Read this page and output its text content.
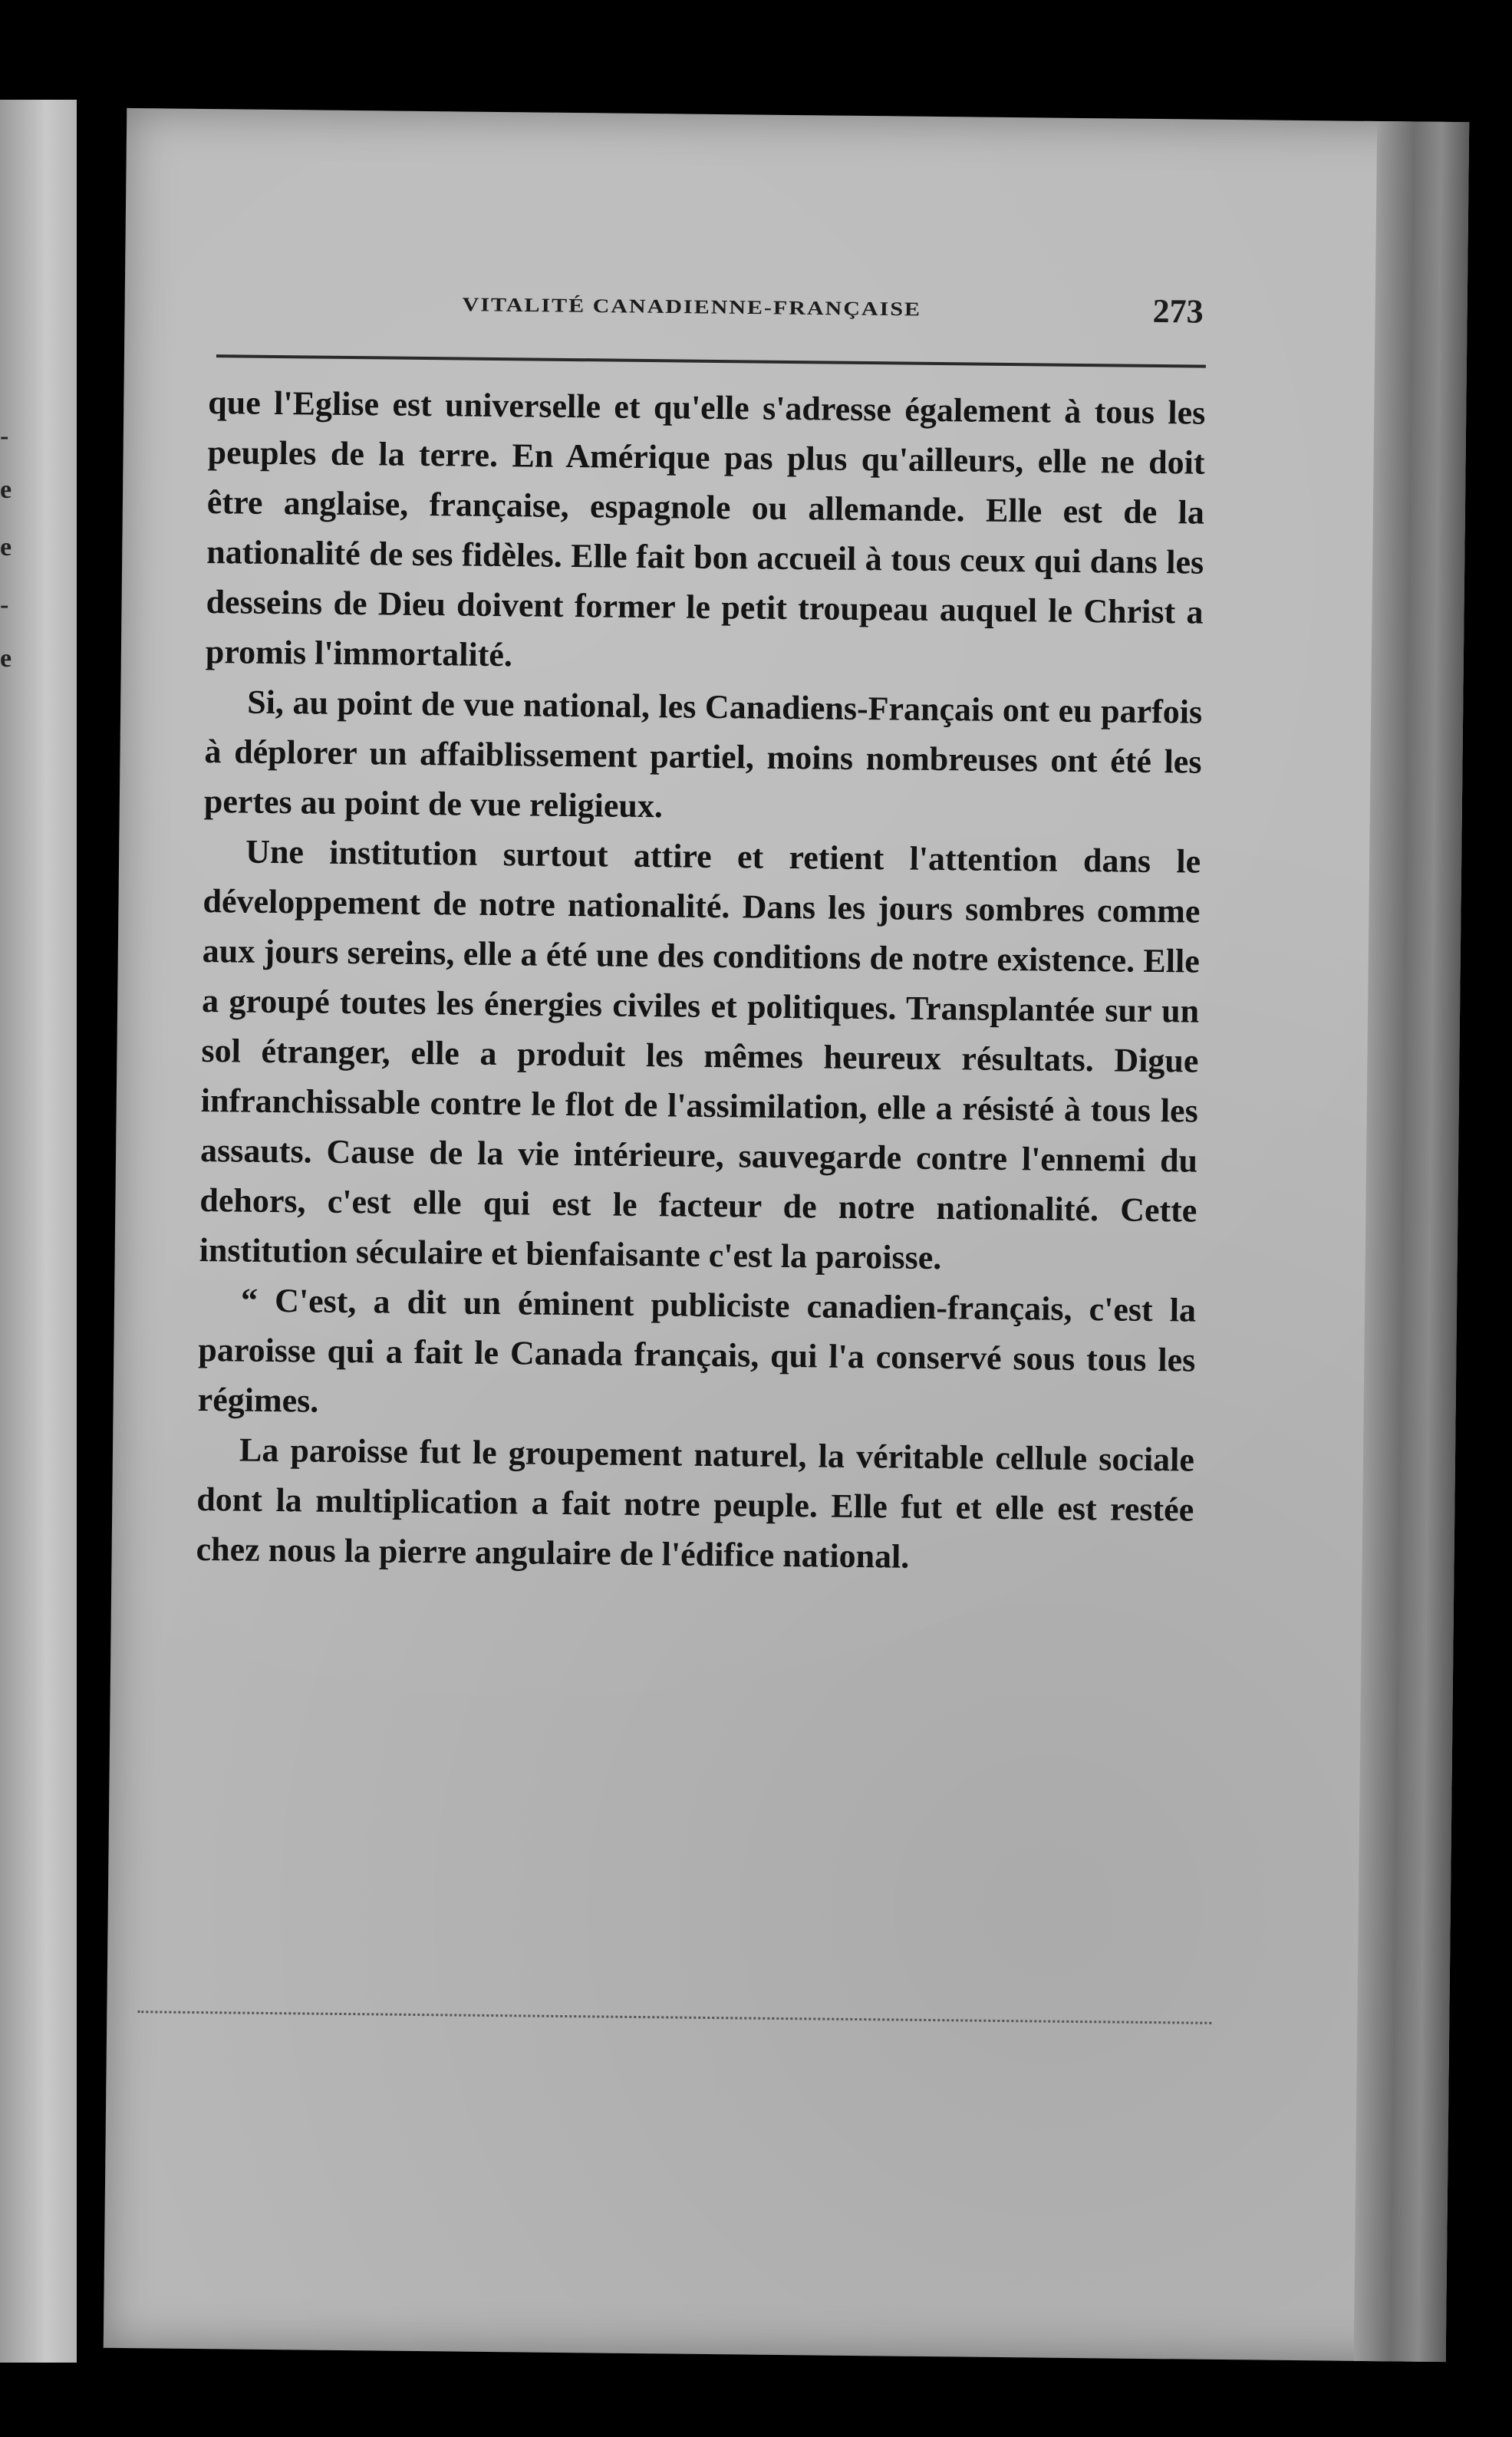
-
e
e
-
e
VITALITÉ CANADIENNE-FRANÇAISE	273

que l'Eglise est universelle et qu'elle s'adresse également à tous les peuples de la terre. En Amérique pas plus qu'ailleurs, elle ne doit être anglaise, française, espagnole ou allemande. Elle est de la nationalité de ses fidèles. Elle fait bon accueil à tous ceux qui dans les desseins de Dieu doivent former le petit troupeau auquel le Christ a promis l'immortalité.

Si, au point de vue national, les Canadiens-Français ont eu parfois à déplorer un affaiblissement partiel, moins nombreuses ont été les pertes au point de vue religieux.

Une institution surtout attire et retient l'attention dans le développement de notre nationalité. Dans les jours sombres comme aux jours sereins, elle a été une des conditions de notre existence. Elle a groupé toutes les énergies civiles et politiques. Transplantée sur un sol étranger, elle a produit les mêmes heureux résultats. Digue infranchissable contre le flot de l'assimilation, elle a résisté à tous les assauts. Cause de la vie intérieure, sauvegarde contre l'ennemi du dehors, c'est elle qui est le facteur de notre nationalité. Cette institution séculaire et bienfaisante c'est la paroisse.

“ C'est, a dit un éminent publiciste canadien-français, c'est la paroisse qui a fait le Canada français, qui l'a conservé sous tous les régimes.

La paroisse fut le groupement naturel, la véritable cellule sociale dont la multiplication a fait notre peuple. Elle fut et elle est restée chez nous la pierre angulaire de l'édifice national.
